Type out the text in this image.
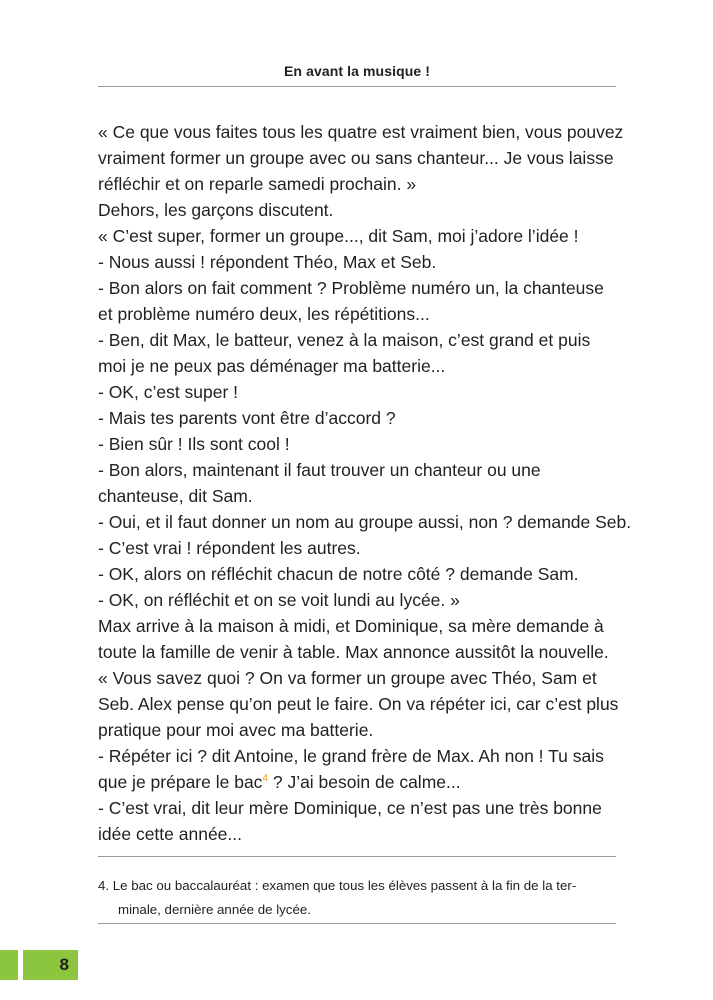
En avant la musique !
« Ce que vous faites tous les quatre est vraiment bien, vous pouvez
vraiment former un groupe avec ou sans chanteur... Je vous laisse
réfléchir et on reparle samedi prochain. »
Dehors, les garçons discutent.
« C’est super, former un groupe..., dit Sam, moi j’adore l’idée !
- Nous aussi ! répondent Théo, Max et Seb.
- Bon alors on fait comment ? Problème numéro un, la chanteuse
et problème numéro deux, les répétitions...
- Ben, dit Max, le batteur, venez à la maison, c’est grand et puis
moi je ne peux pas déménager ma batterie...
- OK, c’est super !
- Mais tes parents vont être d’accord ?
- Bien sûr ! Ils sont cool !
- Bon alors, maintenant il faut trouver un chanteur ou une
chanteuse, dit Sam.
- Oui, et il faut donner un nom au groupe aussi, non ? demande Seb.
- C’est vrai ! répondent les autres.
- OK, alors on réfléchit chacun de notre côté ? demande Sam.
- OK, on réfléchit et on se voit lundi au lycée. »
Max arrive à la maison à midi, et Dominique, sa mère demande à
toute la famille de venir à table. Max annonce aussitôt la nouvelle.
« Vous savez quoi ? On va former un groupe avec Théo, Sam et
Seb. Alex pense qu’on peut le faire. On va répéter ici, car c’est plus
pratique pour moi avec ma batterie.
- Répéter ici ? dit Antoine, le grand frère de Max. Ah non ! Tu sais
que je prépare le bac$^4$ ? J’ai besoin de calme...
- C’est vrai, dit leur mère Dominique, ce n’est pas une très bonne
idée cette année...
4. Le bac ou baccalauréat : examen que tous les élèves passent à la fin de la ter-
minale, dernière année de lycée.
8
